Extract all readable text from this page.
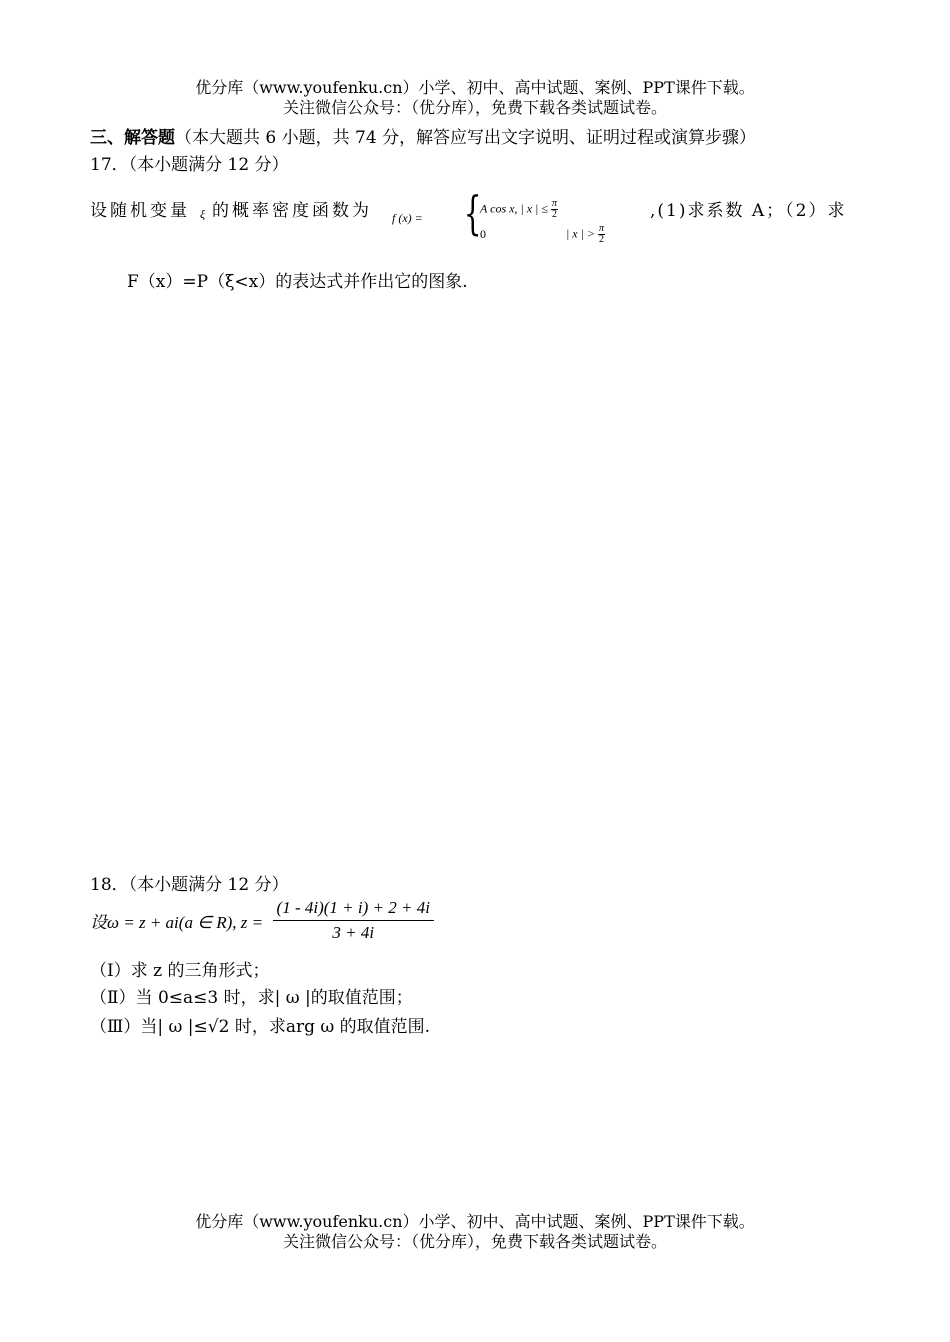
优分库（www.youfenku.cn）小学、初中、高中试题、案例、PPT课件下载。
关注微信公众号：（优分库），免费下载各类试题试卷。
三、解答题（本大题共 6 小题，共 74 分，解答应写出文字说明、证明过程或演算步骤）
17．（本小题满分 12 分）
设随机变量 ξ 的概率密度函数为 f (x) = {
A cos x, | x | ≤ $\frac{\pi}{2}$
0	| x | > $\frac{\pi}{2}$
,(1)求系数 A；（2）求
F（x）=P（ξ<x）的表达式并作出它的图象.
18．（本小题满分 12 分）
设ω = z + ai(a ∈ R), $z = \frac{(1 - 4i)(1 + i) + 2 + 4i}{3 + 4i}$
（Ⅰ）求 z 的三角形式；
（Ⅱ）当 0≤a≤3 时，求| ω |的取值范围；
（Ⅲ）当| ω |≤√2 时，求arg ω 的取值范围.
优分库（www.youfenku.cn）小学、初中、高中试题、案例、PPT课件下载。
关注微信公众号：（优分库），免费下载各类试题试卷。
